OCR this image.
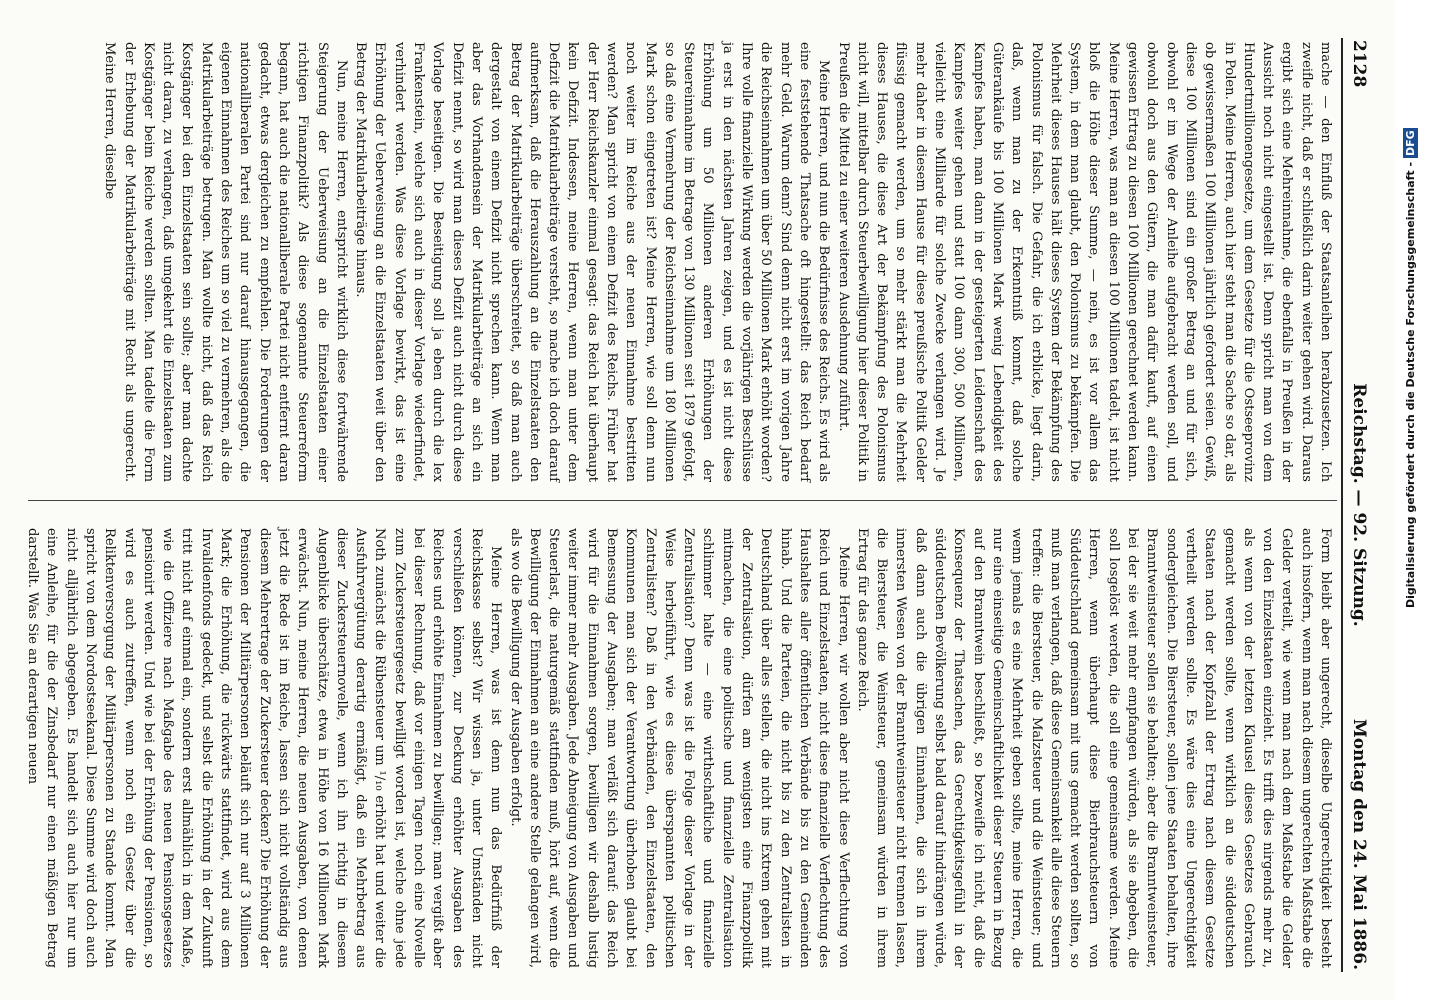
2128
Reichstag. — 92. Sitzung.
Montag den 24. Mai 1886.

mache — den Einfluß der Staatsanleihen herabzusetzen. Ich zweifle nicht, daß er schließlich darin weiter gehen wird. Daraus ergibt sich eine Mehreinnahme, die ebenfalls in Preußen in der Aussicht noch nicht eingestellt ist. Denn spricht man von dem Hundertmillionengesetze, um dem Gesetze für die Ostseeprovinz in Polen. Meine Herren, auch hier steht man die Sache so dar, als ob gewissermaßen 100 Millionen jährlich gefordert seien. Gewiß, diese 100 Millionen sind ein großer Betrag an und für sich, obwohl er im Wege der Anleihe aufgebracht werden soll, und obwohl doch aus den Gütern, die man dafür kauft, auf einen gewissen Ertrag zu diesen 100 Millionen gerechnet werden kann. Meine Herren, was man an diesen 100 Millionen tadelt, ist nicht bloß die Höhe dieser Summe, — nein, es ist vor allem das System, in dem man glaubt, den Polonismus zu bekämpfen. Die Mehrheit dieses Hauses hält dieses System der Bekämpfung des Polonismus für falsch. Die Gefahr, die ich erblicke, liegt darin, daß, wenn man zu der Erkenntniß kommt, daß solche Güterankäufe bis 100 Millionen Mark wenig Lebendigkeit des Kampfes haben, man dann in der gesteigerten Leidenschaft des Kampfes weiter gehen und statt 100 dann 300, 500 Millionen, vielleicht eine Milliarde für solche Zwecke verlangen wird. Je mehr daher in diesem Hause für diese preußische Politik Gelder flüssig gemacht werden, um so mehr stärkt man die Mehrheit dieses Hauses, die diese Art der Bekämpfung des Polonismus nicht will, mittelbar durch Steuerbewilligung hier dieser Politik in Preußen die Mittel zu einer weiteren Ausdehnung zuführt.

Meine Herren, und nun die Bedürfnisse des Reichs. Es wird als eine feststehende Thatsache oft hingestellt: das Reich bedarf mehr Geld. Warum denn? Sind denn nicht erst im vorigen Jahre die Reichseinnahmen um über 50 Millionen Mark erhöht worden? Ihre volle finanzielle Wirkung werden die vorjährigen Beschlüsse ja erst in den nächsten Jahren zeigen, und es ist nicht diese Erhöhung um 50 Millionen anderen Erhöhungen der Steuereinnahme im Betrage von 130 Millionen seit 1879 gefolgt, so daß eine Vermehrung der Reichseinnahme um 180 Millionen Mark schon eingetreten ist? Meine Herren, wie soll denn nun noch weiter im Reiche aus der neuen Einnahme bestritten werden? Man spricht von einem Defizit des Reichs. Früher hat der Herr Reichskanzler einmal gesagt: das Reich hat überhaupt kein Defizit. Indessen, meine Herren, wenn man unter dem Defizit die Matrikularbeiträge versteht, so mache ich doch darauf aufmerksam, daß die Herauszahlung an die Einzelstaaten den Betrag der Matrikularbeiträge überschreitet, so daß man auch dergestalt von einem Defizit nicht sprechen kann. Wenn man aber das Vorhandensein der Matrikularbeiträge an sich ein Defizit nennt, so wird man dieses Defizit auch nicht durch diese Vorlage beseitigen. Die Beseitigung soll ja eben durch die lex Frankenstein, welche sich auch in dieser Vorlage wiederfindet, verhindert werden. Was diese Vorlage bewirkt, das ist eine Erhöhung der Ueberweisung an die Einzelstaaten weit über den Betrag der Matrikularbeiträge hinaus.

Nun, meine Herren, entspricht wirklich diese fortwährende Steigerung der Ueberweisung an die Einzelstaaten einer richtigen Finanzpolitik? Als diese sogenannte Steuerreform begann, hat auch die nationalliberale Partei nicht entfernt daran gedacht, etwas dergleichen zu empfehlen. Die Forderungen der nationalliberalen Partei sind nur darauf hinausgegangen, die eigenen Einnahmen des Reiches um so viel zu vermehren, als die Matrikularbeiträge betrugen. Man wollte nicht, daß das Reich Kostgänger bei den Einzelstaaten sein sollte; aber man dachte nicht daran, zu verlangen, daß umgekehrt die Einzelstaaten zum Kostgänger beim Reiche werden sollten. Man tadelte die Form der Erhebung der Matrikularbeiträge mit Recht als ungerecht. Meine Herren, dieselbe

Form bleibt aber ungerecht, dieselbe Ungerechtigkeit besteht auch insofern, wenn man nach diesem ungerechten Maßstabe die Gelder verteilt, wie wenn man nach dem Maßstabe die Gelder von den Einzelstaaten einzieht. Es trifft dies nirgends mehr zu, als wenn von der letzten Klausel dieses Gesetzes Gebrauch gemacht werden sollte, wenn wirklich an die süddeutschen Staaten nach der Kopfzahl der Ertrag nach diesem Gesetze vertheilt werden sollte. Es wäre dies eine Ungerechtigkeit sondergleichen. Die Biersteuer, sollen jene Staaten behalten, ihre Branntweinsteuer sollen sie behalten; aber die Branntweinsteuer, bei der sie weit mehr empfangen würden, als sie abgeben, die soll losgelöst werden, die soll eine gemeinsame werden. Meine Herren, wenn überhaupt diese Bierbrauchsteuern von Süddeutschland gemeinsam mit uns gemacht werden sollten, so muß man verlangen, daß diese Gemeinsamkeit alle diese Steuern treffen: die Biersteuer, die Malzsteuer und die Weinsteuer; und wenn jemals es eine Mehrheit geben sollte, meine Herren, die nur eine einseitige Gemeinschaftlichkeit dieser Steuern in Bezug auf den Branntwein beschließt, so bezweifle ich nicht, daß die Konsequenz der Thatsachen, das Gerechtigkeitsgefühl in der süddeutschen Bevölkerung selbst bald darauf hindrängen würde, daß dann auch die übrigen Einnahmen, die sich in ihrem innersten Wesen von der Branntweinsteuer nicht trennen lassen, die Biersteuer, die Weinsteuer, gemeinsam würden in ihrem Ertrag für das ganze Reich.

Meine Herren, wir wollen aber nicht diese Verflechtung von Reich und Einzelstaaten, nicht diese finanzielle Verflechtung des Haushaltes aller öffentlichen Verbände bis zu den Gemeinden hinab. Und die Parteien, die nicht bis zu den Zentralisten in Deutschland über alles stellen, die nicht ins Extrem gehen mit der Zentralisation, dürfen am wenigsten eine Finanzpolitik mitmachen, die eine politische und finanzielle Zentralisation schlimmer halte — eine wirthschaftliche und finanzielle Zentralisation? Denn was ist die Folge dieser Vorlage in der Weise herbeiführt, wie es diese überspannten politischen Zentralisten? Daß in den Verbänden, den Einzelstaaten, den Kommunen man sich der Verantwortung überhoben glaubt bei Bemessung der Ausgaben; man verläßt sich darauf: das Reich wird für die Einnahmen sorgen, bewilligen wir deshalb lustig weiter immer mehr Ausgaben. Jede Abneigung von Ausgaben und Steuerlast, die naturgemäß stattfinden muß, hört auf, wenn die Bewilligung der Einnahmen an eine andere Stelle gelangen wird, als wo die Bewilligung der Ausgaben erfolgt.

Meine Herren, was ist denn nun das Bedürfniß der Reichskasse selbst? Wir wissen ja, unter Umständen nicht verschließen können, zur Deckung erhöhter Ausgaben des Reiches und erhöhte Einnahmen zu bewilligen; man vergißt aber bei dieser Rechnung, daß vor einigen Tagen noch eine Novelle zum Zuckersteuergesetz bewilligt worden ist, welche ohne jede Noth zunächst die Rübensteuer um ¹/₁₀ erhöht hat und weiter die Ausfuhrvergütung derartig ermäßigt, daß ein Mehrbetrag aus dieser Zuckersteuernovelle, wenn ich ihn richtig in diesem Augenblicke überschätze, etwa in Höhe von 16 Millionen Mark erwächst. Nun, meine Herren, die neuen Ausgaben, von denen jetzt die Rede ist im Reiche, lassen sich nicht vollständig aus diesem Mehrertrage der Zuckersteuer decken? Die Erhöhung der Pensionen der Militärpersonen beläuft sich nur auf 3 Millionen Mark; die Erhöhung, die rückwärts stattfindet, wird aus dem Invalidenfonds gedeckt, und selbst die Erhöhung in der Zukunft tritt nicht auf einmal ein, sondern erst allmählich in dem Maße, wie die Offiziere nach Maßgabe des neuen Pensionsgesetzes pensionirt werden. Und wie bei der Erhöhung der Pensionen, so wird es auch zutreffen, wenn noch ein Gesetz über die Reliktenversorgung der Militärpersonen zu Stande kommt. Man spricht von dem Nordostseekanal. Diese Summe wird doch auch nicht alljährlich abgegeben. Es handelt sich auch hier nur um eine Anleihe, für die der Zinsbedarf nur einen mäßigen Betrag darstellt. Was Sie an derartigen neuen

Digitalisierung gefördert durch die Deutsche Forschungsgemeinschaft - DFG
